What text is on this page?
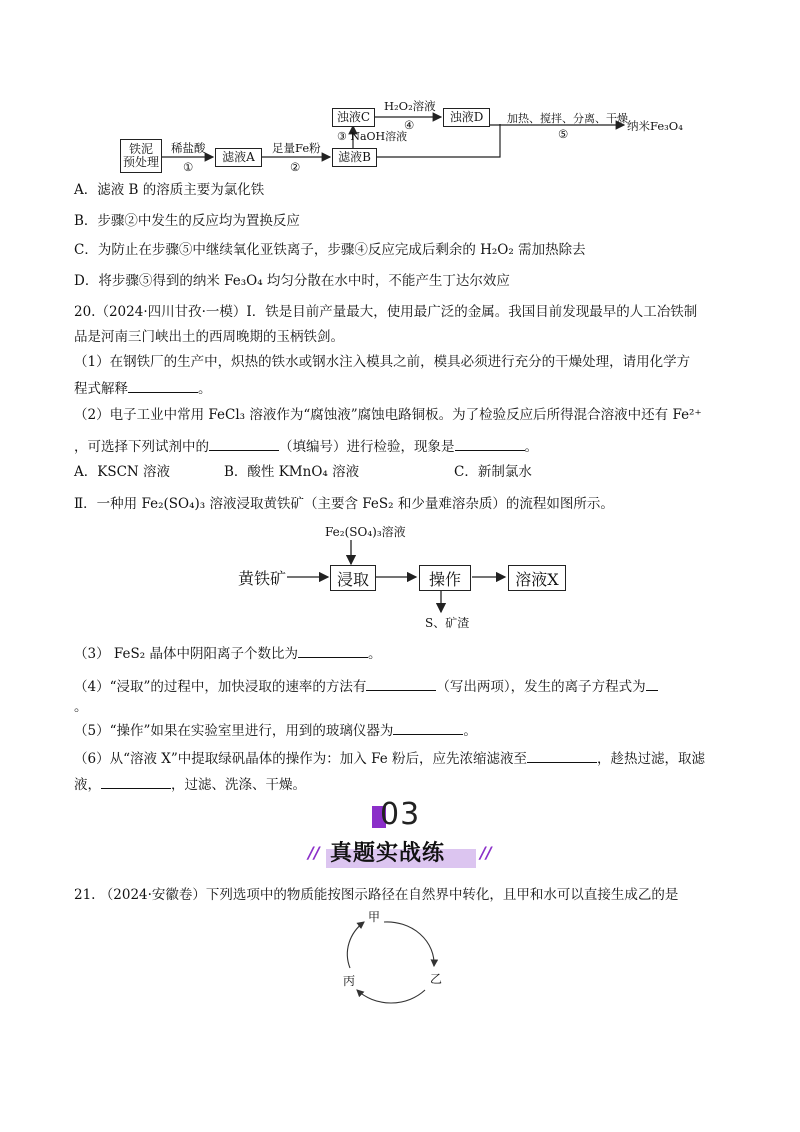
铁泥
预处理	滤液A	滤液B
浊液C	浊液D
稀盐酸
①
足量Fe粉
②
③ NaOH溶液
H₂O₂溶液
④	加热、搅拌、分离、干燥
⑤
纳米Fe₃O₄
A．滤液 B 的溶质主要为氯化铁
B．步骤②中发生的反应均为置换反应
C．为防止在步骤⑤中继续氧化亚铁离子，步骤④反应完成后剩余的 H₂O₂ 需加热除去
D．将步骤⑤得到的纳米 Fe₃O₄ 均匀分散在水中时，不能产生丁达尔效应
20.（2024·四川甘孜·一模）Ⅰ．铁是目前产量最大，使用最广泛的金属。我国目前发现最早的人工冶铁制
品是河南三门峡出土的西周晚期的玉柄铁剑。
（1）在钢铁厂的生产中，炽热的铁水或钢水注入模具之前，模具必须进行充分的干燥处理，请用化学方
程式解释	。
（2）电子工业中常用 FeCl₃ 溶液作为“腐蚀液”腐蚀电路铜板。为了检验反应后所得混合溶液中还有 Fe²⁺
，可选择下列试剂中的	（填编号）进行检验，现象是	。
A．KSCN 溶液	B．酸性 KMnO₄ 溶液	C．新制氯水
Ⅱ．一种用 Fe₂(SO₄)₃ 溶液浸取黄铁矿（主要含 FeS₂ 和少量难溶杂质）的流程如图所示。
黄铁矿
Fe₂(SO₄)₃溶液
浸取	操作	溶液X
S、矿渣
（3） FeS₂ 晶体中阴阳离子个数比为	。
（4）“浸取”的过程中，加快浸取的速率的方法有	（写出两项），发生的离子方程式为
。
（5）“操作”如果在实验室里进行，用到的玻璃仪器为	。
（6）从“溶液 X”中提取绿矾晶体的操作为：加入 Fe 粉后，应先浓缩滤液至	，趁热过滤，取滤
液，	，过滤、洗涤、干燥。
03
// 真题实战练 //
21. （2024·安徽卷）下列选项中的物质能按图示路径在自然界中转化，且甲和水可以直接生成乙的是
甲
乙
丙
